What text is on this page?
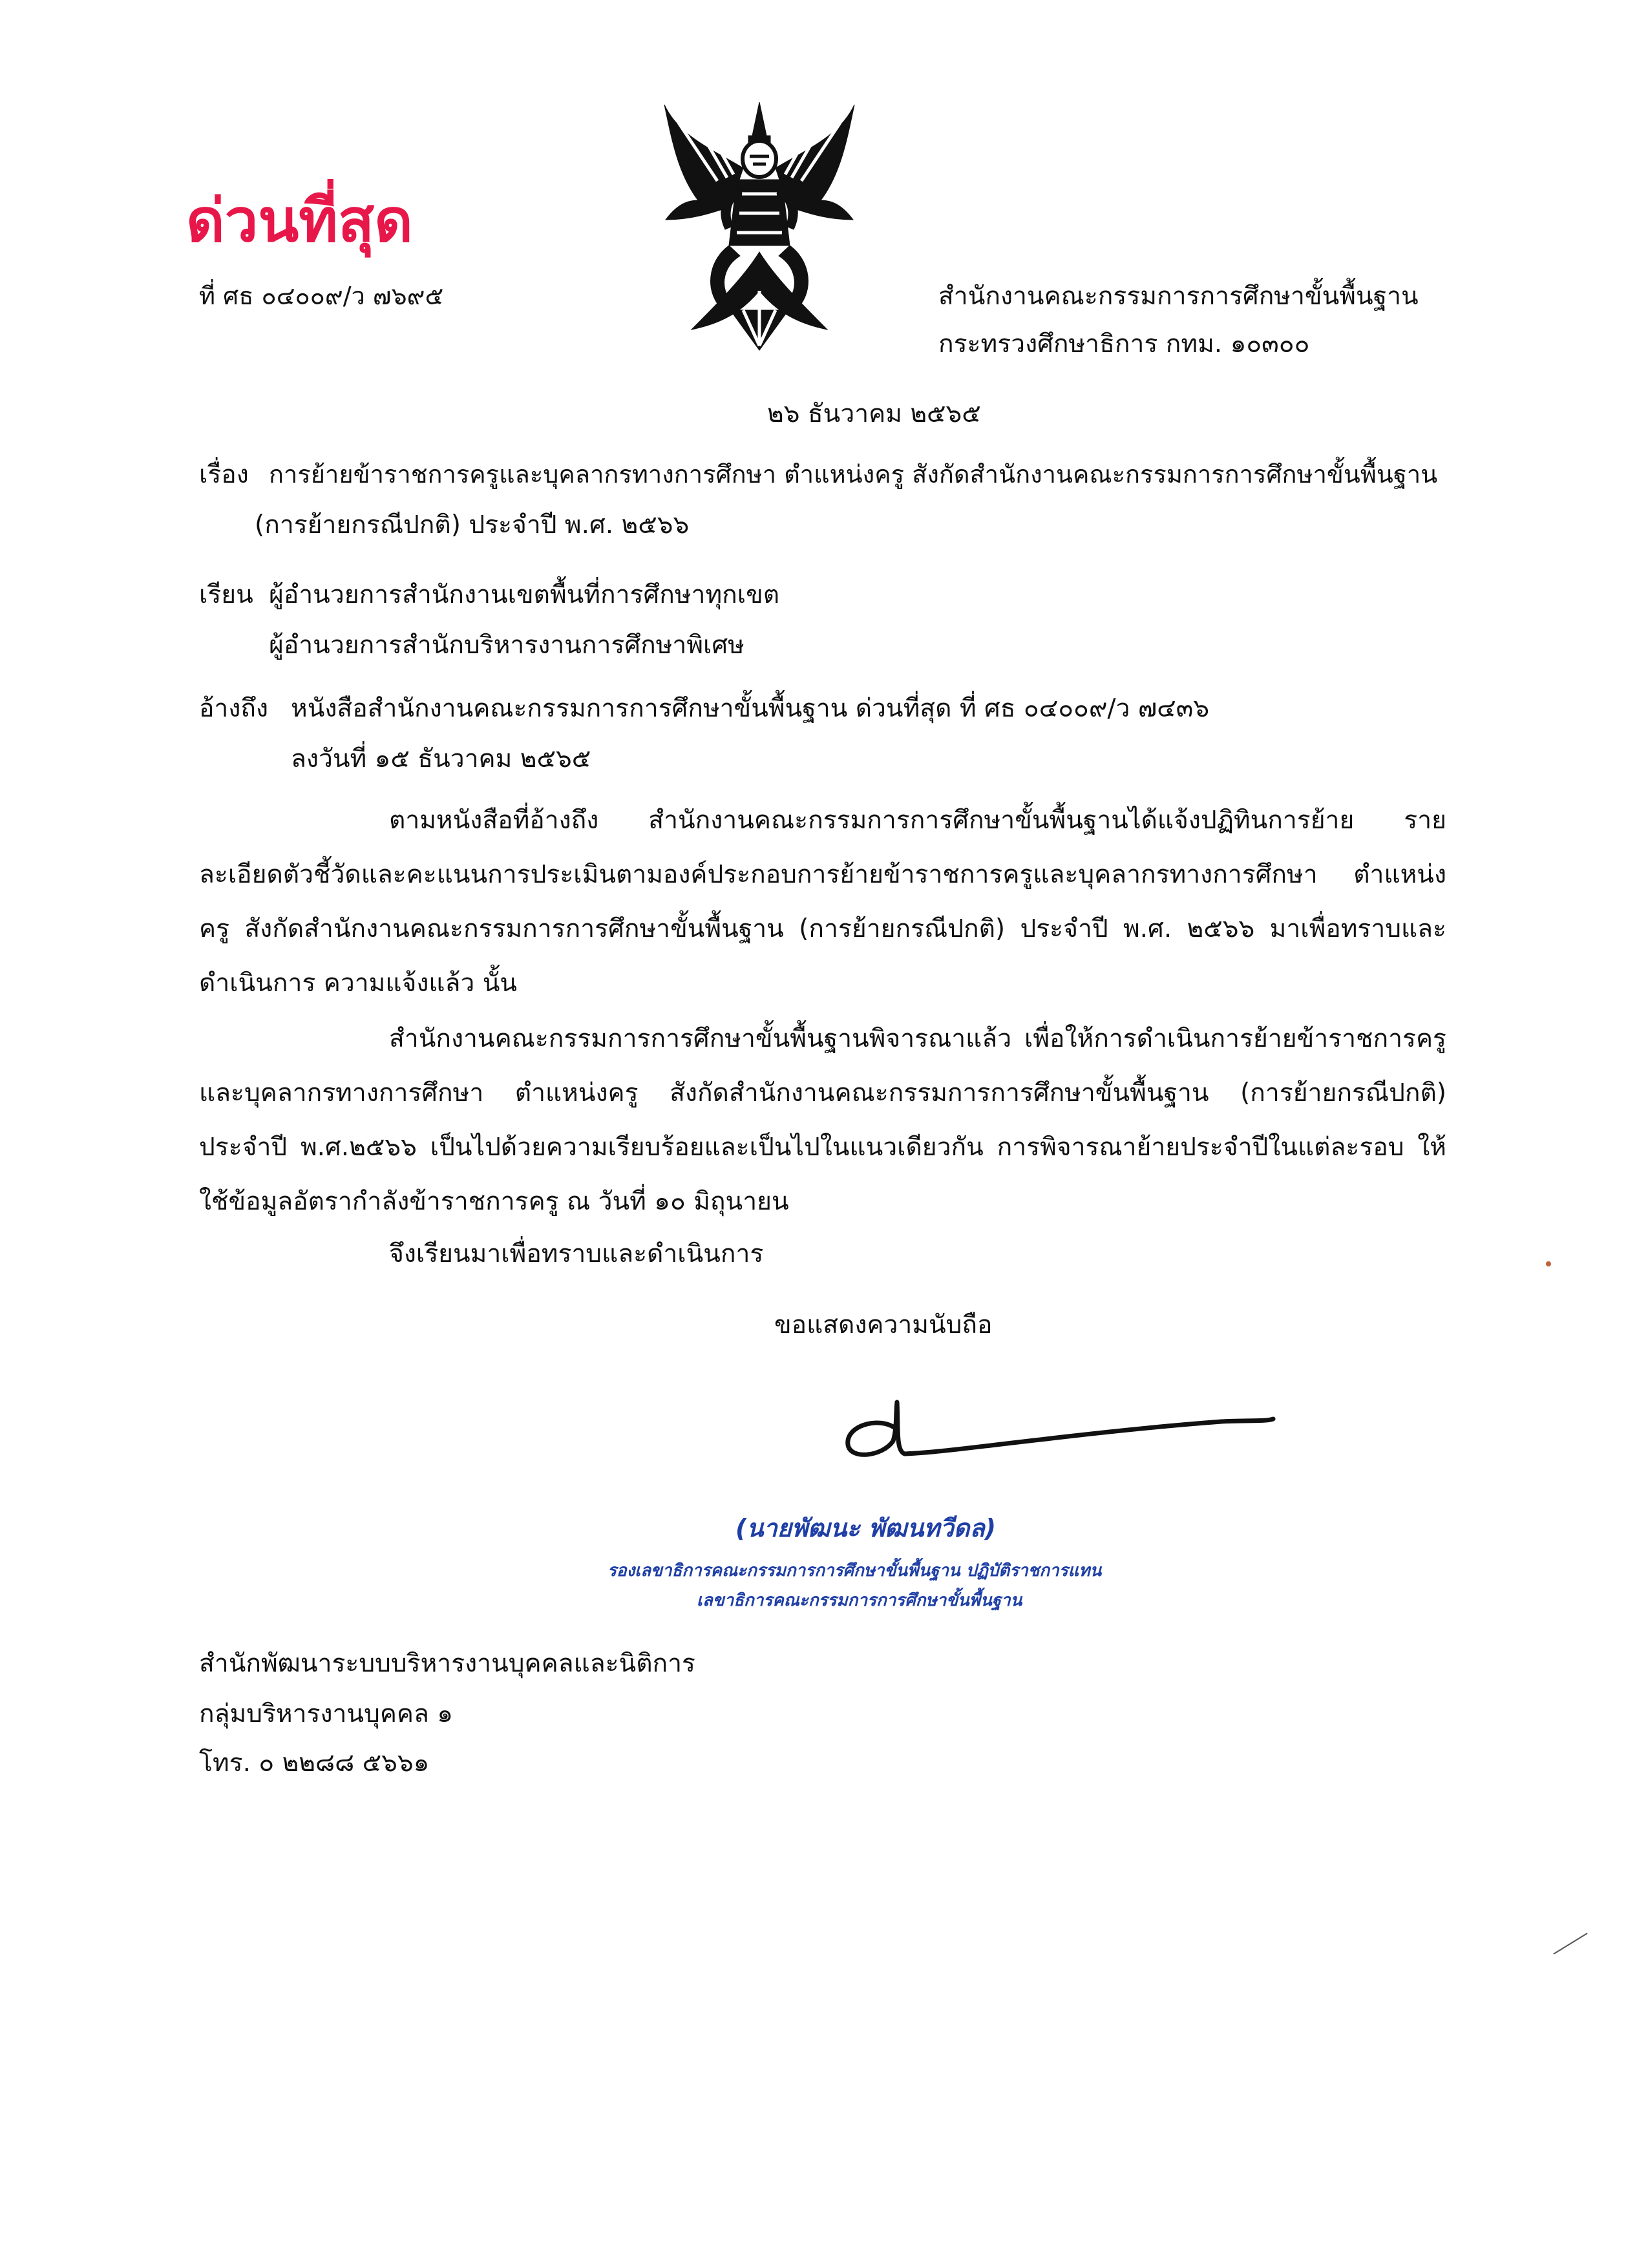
ด่วนที่สุด
ที่ ศธ ๐๔๐๐๙/ว ๗๖๙๕	สำนักงานคณะกรรมการการศึกษาขั้นพื้นฐาน
กระทรวงศึกษาธิการ กทม. ๑๐๓๐๐
๒๖ ธันวาคม ๒๕๖๕
เรื่อง การย้ายข้าราชการครูและบุคลากรทางการศึกษา ตำแหน่งครู สังกัดสำนักงานคณะกรรมการการศึกษาขั้นพื้นฐาน
(การย้ายกรณีปกติ) ประจำปี พ.ศ. ๒๕๖๖
เรียน ผู้อำนวยการสำนักงานเขตพื้นที่การศึกษาทุกเขต
ผู้อำนวยการสำนักบริหารงานการศึกษาพิเศษ
อ้างถึง หนังสือสำนักงานคณะกรรมการการศึกษาขั้นพื้นฐาน ด่วนที่สุด ที่ ศธ ๐๔๐๐๙/ว ๗๔๓๖
ลงวันที่ ๑๕ ธันวาคม ๒๕๖๕
ตามหนังสือที่อ้างถึง สำนักงานคณะกรรมการการศึกษาขั้นพื้นฐานได้แจ้งปฏิทินการย้าย รายละเอียดตัวชี้วัดและคะแนนการประเมินตามองค์ประกอบการย้ายข้าราชการครูและบุคลากรทางการศึกษา ตำแหน่งครู สังกัดสำนักงานคณะกรรมการการศึกษาขั้นพื้นฐาน (การย้ายกรณีปกติ) ประจำปี พ.ศ. ๒๕๖๖ มาเพื่อทราบและดำเนินการ ความแจ้งแล้ว นั้น
สำนักงานคณะกรรมการการศึกษาขั้นพื้นฐานพิจารณาแล้ว เพื่อให้การดำเนินการย้ายข้าราชการครูและบุคลากรทางการศึกษา ตำแหน่งครู สังกัดสำนักงานคณะกรรมการการศึกษาขั้นพื้นฐาน (การย้ายกรณีปกติ) ประจำปี พ.ศ.๒๕๖๖ เป็นไปด้วยความเรียบร้อยและเป็นไปในแนวเดียวกัน การพิจารณาย้ายประจำปีในแต่ละรอบ ให้ใช้ข้อมูลอัตรากำลังข้าราชการครู ณ วันที่ ๑๐ มิถุนายน
จึงเรียนมาเพื่อทราบและดำเนินการ
ขอแสดงความนับถือ
(นายพัฒนะ พัฒนทวีดล)
รองเลขาธิการคณะกรรมการการศึกษาขั้นพื้นฐาน ปฏิบัติราชการแทน
เลขาธิการคณะกรรมการการศึกษาขั้นพื้นฐาน
สำนักพัฒนาระบบบริหารงานบุคคลและนิติการ
กลุ่มบริหารงานบุคคล ๑
โทร. ๐ ๒๒๘๘ ๕๖๖๑
